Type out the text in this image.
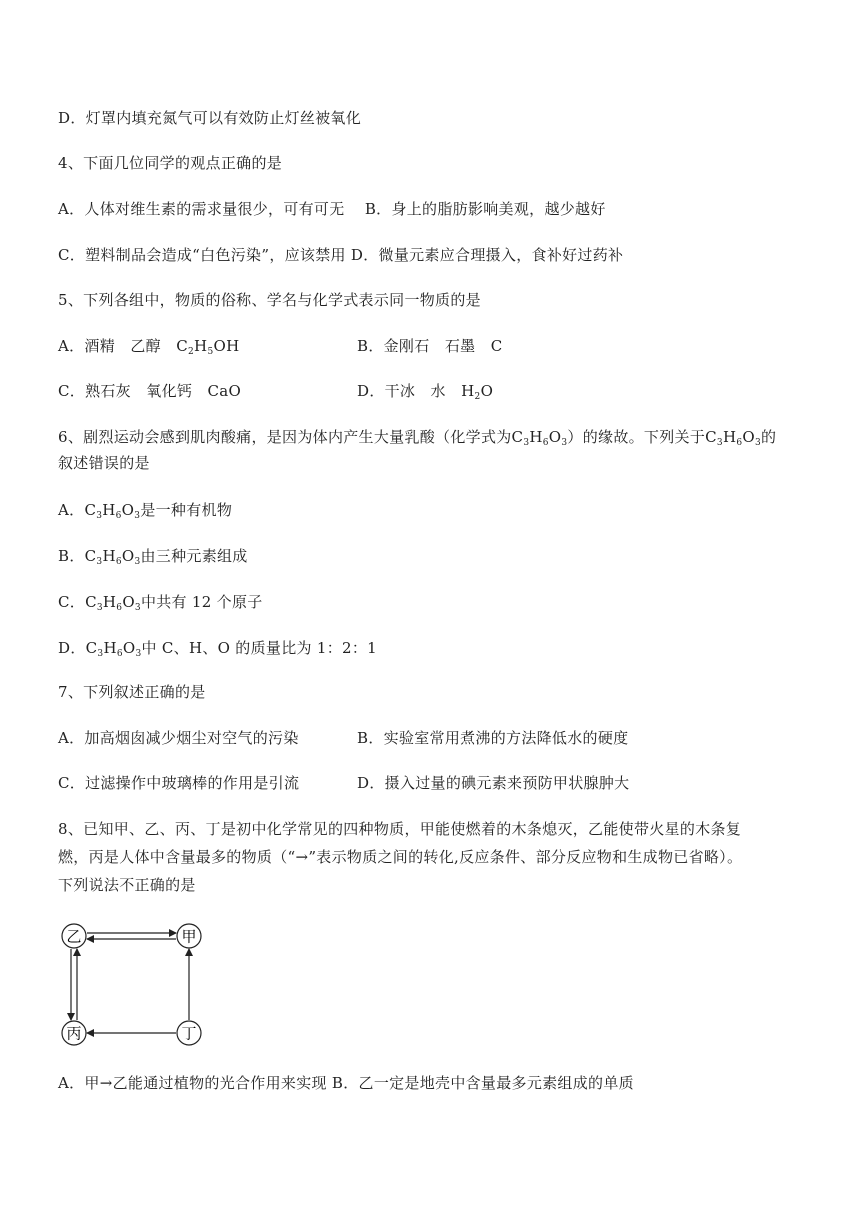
D．灯罩内填充氮气可以有效防止灯丝被氧化
4、下面几位同学的观点正确的是
A．人体对维生素的需求量很少，可有可无 B．身上的脂肪影响美观，越少越好
C．塑料制品会造成“白色污染”，应该禁用 D．微量元素应合理摄入，食补好过药补
5、下列各组中，物质的俗称、学名与化学式表示同一物质的是
A．酒精　乙醇　$C_2H_5OH$	B．金刚石　石墨　C
C．熟石灰　氧化钙　CaO	D．干冰　水　$H_2O$
6、剧烈运动会感到肌肉酸痛，是因为体内产生大量乳酸（化学式为$C_3H_6O_3$）的缘故。下列关于$C_3H_6O_3$的
叙述错误的是
A．$C_3H_6O_3$是一种有机物
B．$C_3H_6O_3$由三种元素组成
C．$C_3H_6O_3$中共有 12 个原子
D．$C_3H_6O_3$中 C、H、O 的质量比为 1：2：1
7、下列叙述正确的是
A．加高烟囱减少烟尘对空气的污染	B．实验室常用煮沸的方法降低水的硬度
C．过滤操作中玻璃棒的作用是引流	D．摄入过量的碘元素来预防甲状腺肿大
8、已知甲、乙、丙、丁是初中化学常见的四种物质，甲能使燃着的木条熄灭，乙能使带火星的木条复
燃，丙是人体中含量最多的物质（“→”表示物质之间的转化,反应条件、部分反应物和生成物已省略）。
下列说法不正确的是
乙	甲
丙	丁
A．甲→乙能通过植物的光合作用来实现 B．乙一定是地壳中含量最多元素组成的单质
